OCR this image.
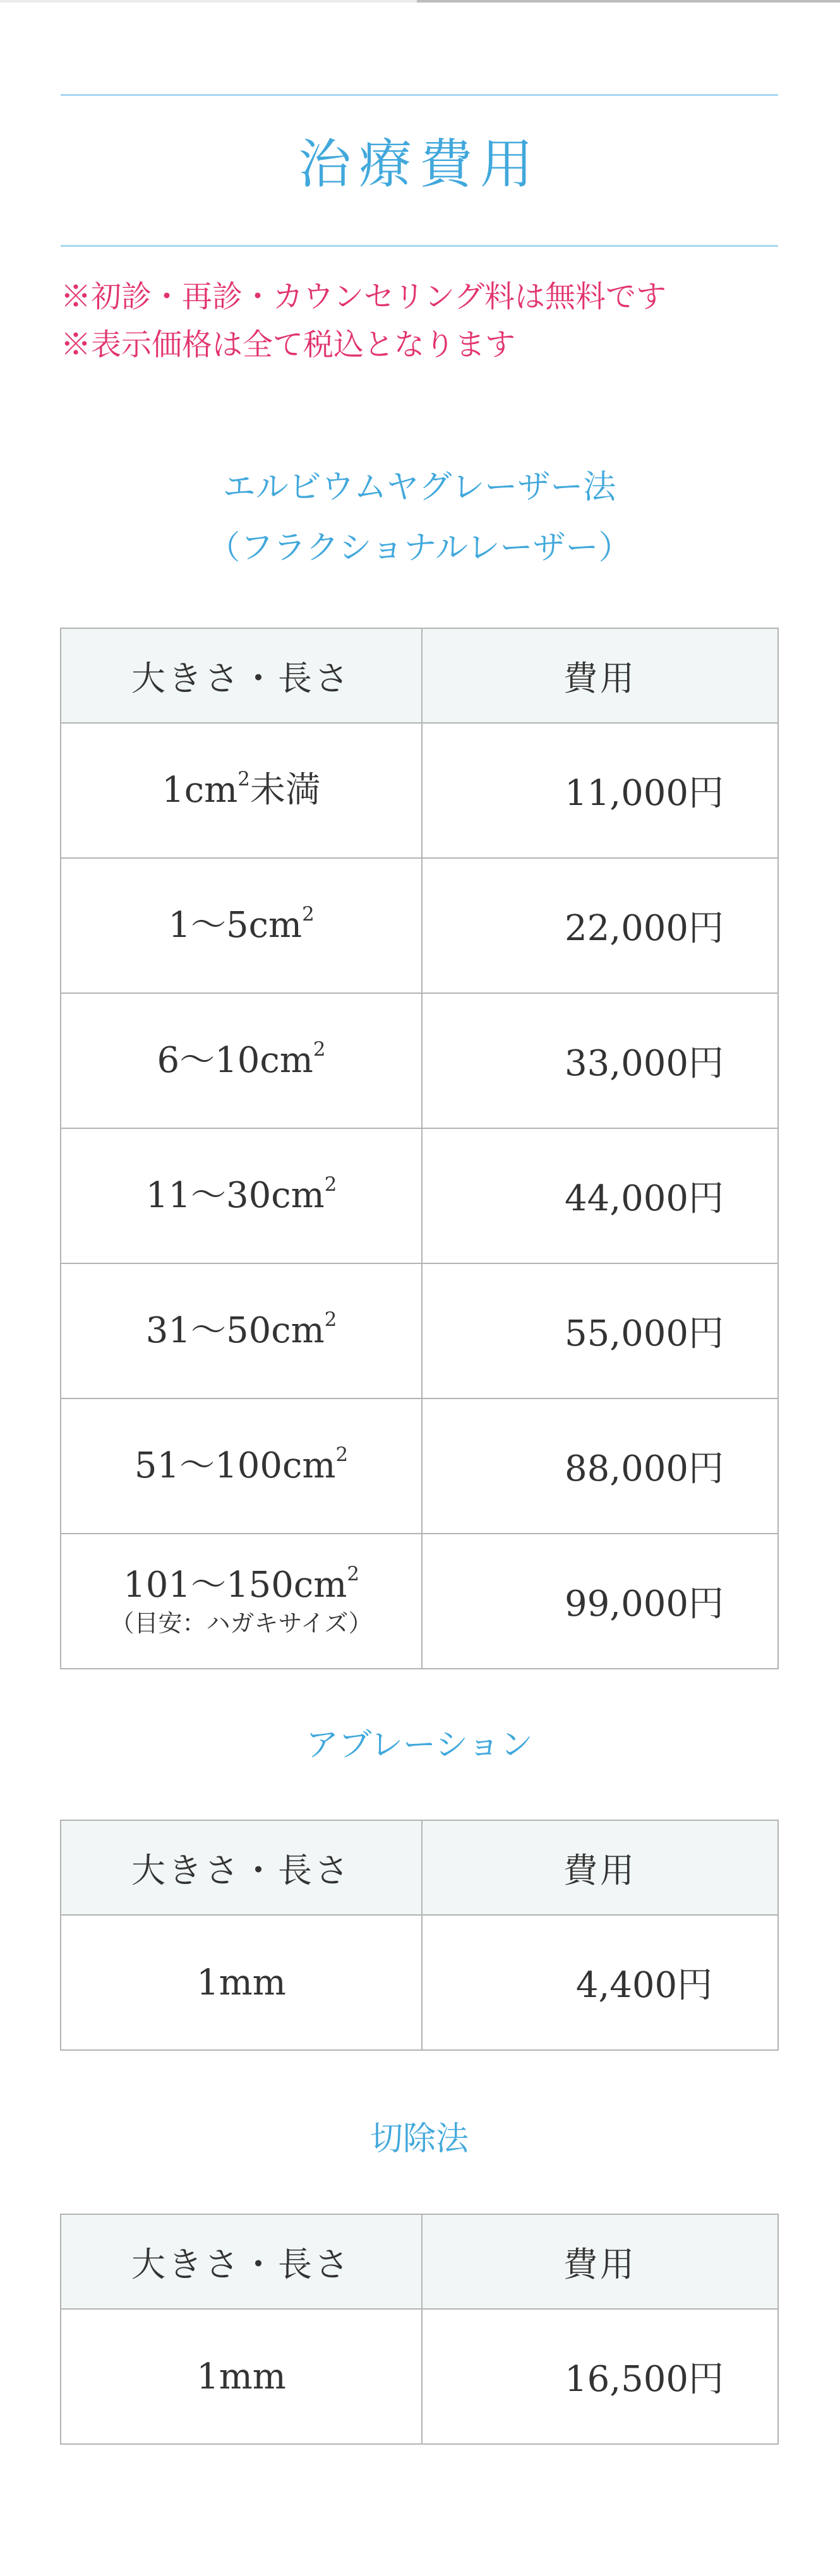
治療費用
※初診・再診・カウンセリング料は無料です
※表示価格は全て税込となります
エルビウムヤグレーザー法
（フラクショナルレーザー）
大きさ・長さ	費用

$1cm^2$未満	11,000円

1〜$5cm^2$	22,000円

6〜$10cm^2$	33,000円

11〜$30cm^2$	44,000円

31〜$50cm^2$	55,000円

51〜$100cm^2$	88,000円

101〜$150cm^2$
（目安：ハガキサイズ）	99,000円
アブレーション
大きさ・長さ	費用
1mm	4,400円
切除法
大きさ・長さ	費用
1mm	16,500円
